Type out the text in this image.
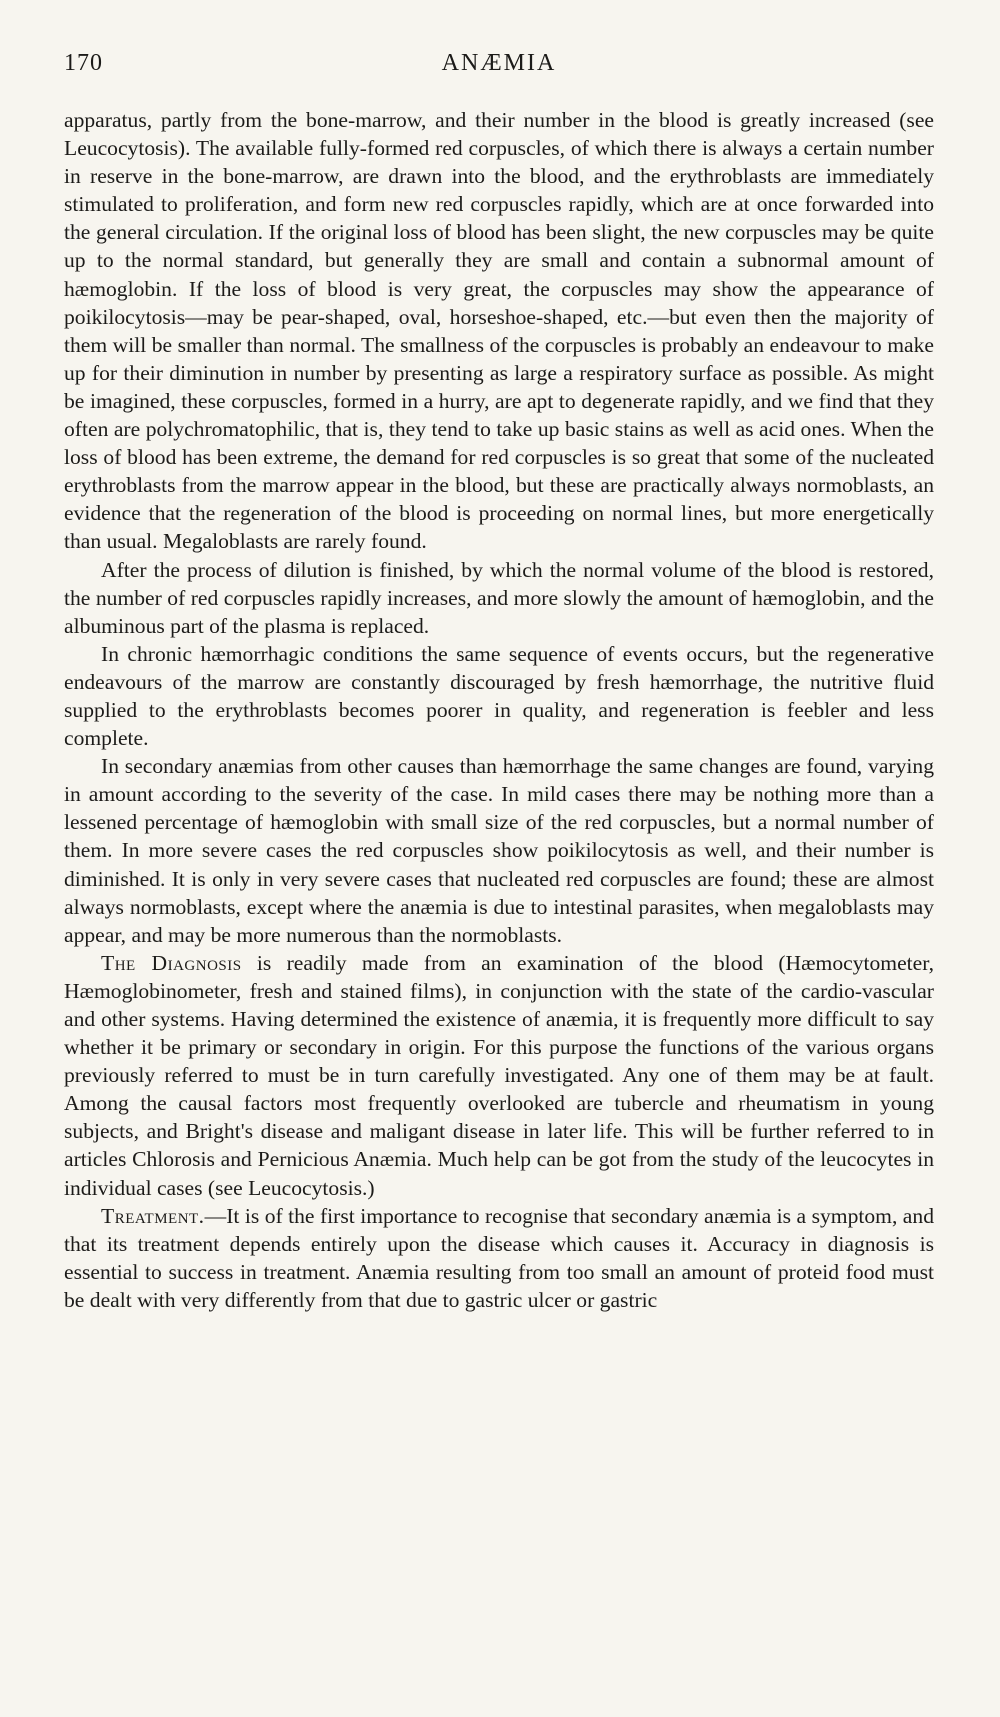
170	ANÆMIA

apparatus, partly from the bone-marrow, and their number in the blood is greatly increased (see Leucocytosis). The available fully-formed red corpuscles, of which there is always a certain number in reserve in the bone-marrow, are drawn into the blood, and the erythroblasts are immediately stimulated to proliferation, and form new red corpuscles rapidly, which are at once forwarded into the general circulation. If the original loss of blood has been slight, the new corpuscles may be quite up to the normal standard, but generally they are small and contain a subnormal amount of hæmoglobin. If the loss of blood is very great, the corpuscles may show the appearance of poikilocytosis—may be pear-shaped, oval, horseshoe-shaped, etc.—but even then the majority of them will be smaller than normal. The smallness of the corpuscles is probably an endeavour to make up for their diminution in number by presenting as large a respiratory surface as possible. As might be imagined, these corpuscles, formed in a hurry, are apt to degenerate rapidly, and we find that they often are polychromatophilic, that is, they tend to take up basic stains as well as acid ones. When the loss of blood has been extreme, the demand for red corpuscles is so great that some of the nucleated erythroblasts from the marrow appear in the blood, but these are practically always normoblasts, an evidence that the regeneration of the blood is proceeding on normal lines, but more energetically than usual. Megaloblasts are rarely found.

After the process of dilution is finished, by which the normal volume of the blood is restored, the number of red corpuscles rapidly increases, and more slowly the amount of hæmoglobin, and the albuminous part of the plasma is replaced.

In chronic hæmorrhagic conditions the same sequence of events occurs, but the regenerative endeavours of the marrow are constantly discouraged by fresh hæmorrhage, the nutritive fluid supplied to the erythroblasts becomes poorer in quality, and regeneration is feebler and less complete.

In secondary anæmias from other causes than hæmorrhage the same changes are found, varying in amount according to the severity of the case. In mild cases there may be nothing more than a lessened percentage of hæmoglobin with small size of the red corpuscles, but a normal number of them. In more severe cases the red corpuscles show poikilocytosis as well, and their number is diminished. It is only in very severe cases that nucleated red corpuscles are found; these are almost always normoblasts, except where the anæmia is due to intestinal parasites, when megaloblasts may appear, and may be more numerous than the normoblasts.

The Diagnosis is readily made from an examination of the blood (Hæmocytometer, Hæmoglobinometer, fresh and stained films), in conjunction with the state of the cardio-vascular and other systems. Having determined the existence of anæmia, it is frequently more difficult to say whether it be primary or secondary in origin. For this purpose the functions of the various organs previously referred to must be in turn carefully investigated. Any one of them may be at fault. Among the causal factors most frequently overlooked are tubercle and rheumatism in young subjects, and Bright's disease and maligant disease in later life. This will be further referred to in articles Chlorosis and Pernicious Anæmia. Much help can be got from the study of the leucocytes in individual cases (see Leucocytosis.)

Treatment.—It is of the first importance to recognise that secondary anæmia is a symptom, and that its treatment depends entirely upon the disease which causes it. Accuracy in diagnosis is essential to success in treatment. Anæmia resulting from too small an amount of proteid food must be dealt with very differently from that due to gastric ulcer or gastric
